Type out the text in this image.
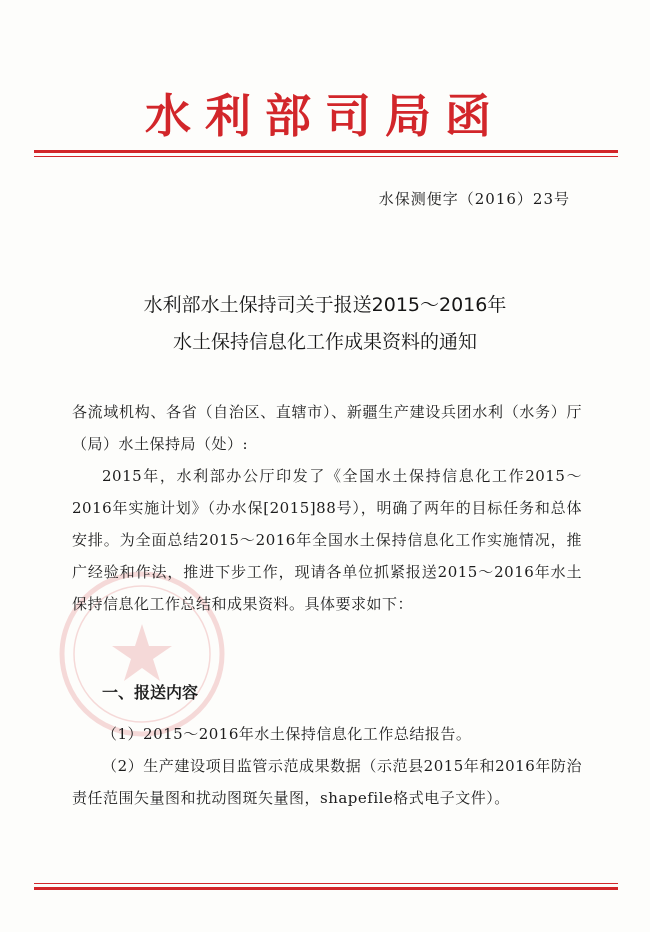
水利部司局函
水保测便字（2016）23号
水利部水土保持司关于报送2015～2016年
水土保持信息化工作成果资料的通知

各流域机构、各省（自治区、直辖市）、新疆生产建设兵团水利（水务）厅（局）水土保持局（处）:

2015年，水利部办公厅印发了《全国水土保持信息化工作2015～2016年实施计划》（办水保[2015]88号），明确了两年的目标任务和总体安排。为全面总结2015～2016年全国水土保持信息化工作实施情况，推广经验和作法，推进下步工作，现请各单位抓紧报送2015～2016年水土保持信息化工作总结和成果资料。具体要求如下：

一、报送内容

（1）2015～2016年水土保持信息化工作总结报告。

（2）生产建设项目监管示范成果数据（示范县2015年和2016年防治责任范围矢量图和扰动图斑矢量图，shapefile格式电子文件）。
